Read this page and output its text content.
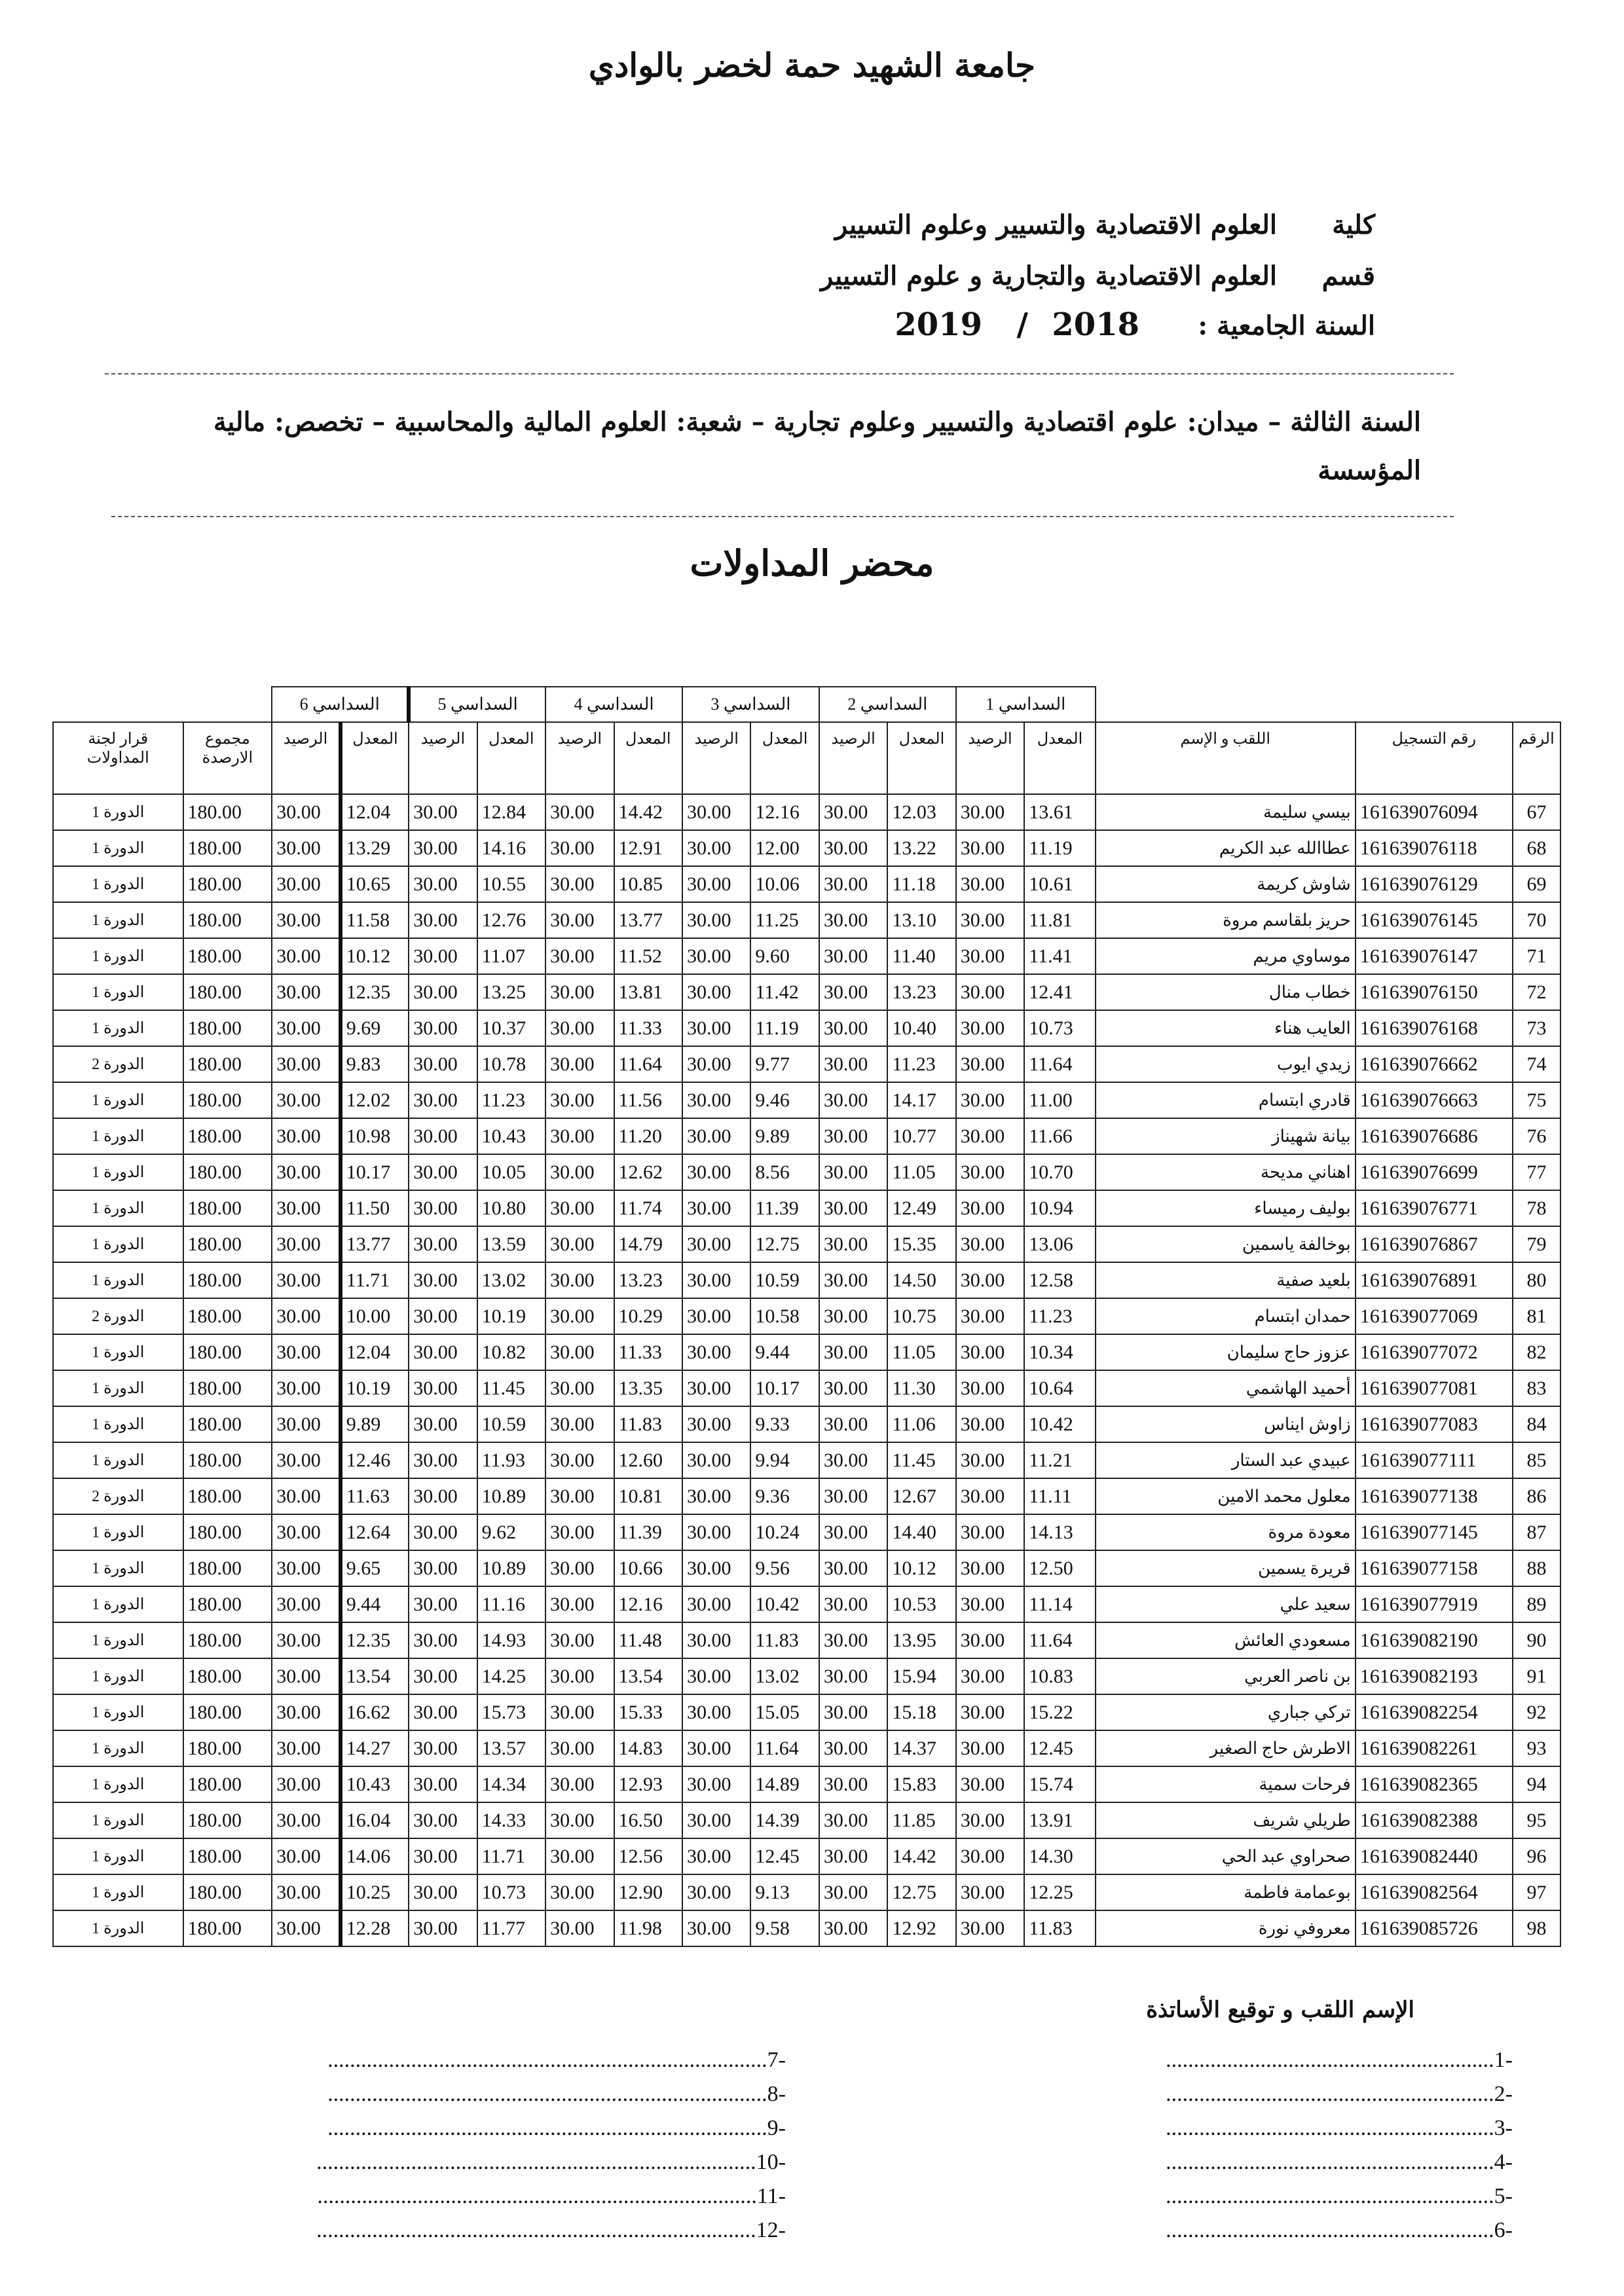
جامعة الشهيد حمة لخضر بالوادي
كليةالعلوم الاقتصادية والتسيير وعلوم التسيير
قسمالعلوم الاقتصادية والتجارية و علوم التسيير
السنة الجامعية :
2018
/
2019
السنة الثالثة – ميدان: علوم اقتصادية والتسيير وعلوم تجارية – شعبة: العلوم المالية والمحاسبية – تخصص: مالية المؤسسة
محضر المداولات
			السداسي 1		السداسي 2		السداسي 3		السداسي 4		السداسي 5		السداسي 6			
الرقم	رقم التسجيل	اللقب و الإسم	المعدل	الرصيد	المعدل	الرصيد	المعدل	الرصيد	المعدل	الرصيد	المعدل	الرصيد	المعدل	الرصيد	مجموع الارصدة	قرار لجنة المداولات
67	161639076094	بيسي سليمة	13.61	30.00	12.03	30.00	12.16	30.00	14.42	30.00	12.84	30.00	12.04	30.00	180.00	الدورة 1
68	161639076118	عطاالله عبد الكريم	11.19	30.00	13.22	30.00	12.00	30.00	12.91	30.00	14.16	30.00	13.29	30.00	180.00	الدورة 1
69	161639076129	شاوش كريمة	10.61	30.00	11.18	30.00	10.06	30.00	10.85	30.00	10.55	30.00	10.65	30.00	180.00	الدورة 1
70	161639076145	حريز بلقاسم مروة	11.81	30.00	13.10	30.00	11.25	30.00	13.77	30.00	12.76	30.00	11.58	30.00	180.00	الدورة 1
71	161639076147	موساوي مريم	11.41	30.00	11.40	30.00	9.60	30.00	11.52	30.00	11.07	30.00	10.12	30.00	180.00	الدورة 1
72	161639076150	خطاب منال	12.41	30.00	13.23	30.00	11.42	30.00	13.81	30.00	13.25	30.00	12.35	30.00	180.00	الدورة 1
73	161639076168	العايب هناء	10.73	30.00	10.40	30.00	11.19	30.00	11.33	30.00	10.37	30.00	9.69	30.00	180.00	الدورة 1
74	161639076662	زيدي ايوب	11.64	30.00	11.23	30.00	9.77	30.00	11.64	30.00	10.78	30.00	9.83	30.00	180.00	الدورة 2
75	161639076663	قادري ابتسام	11.00	30.00	14.17	30.00	9.46	30.00	11.56	30.00	11.23	30.00	12.02	30.00	180.00	الدورة 1
76	161639076686	بيانة شهيناز	11.66	30.00	10.77	30.00	9.89	30.00	11.20	30.00	10.43	30.00	10.98	30.00	180.00	الدورة 1
77	161639076699	اهناني مديحة	10.70	30.00	11.05	30.00	8.56	30.00	12.62	30.00	10.05	30.00	10.17	30.00	180.00	الدورة 1
78	161639076771	بوليف رميساء	10.94	30.00	12.49	30.00	11.39	30.00	11.74	30.00	10.80	30.00	11.50	30.00	180.00	الدورة 1
79	161639076867	بوخالفة ياسمين	13.06	30.00	15.35	30.00	12.75	30.00	14.79	30.00	13.59	30.00	13.77	30.00	180.00	الدورة 1
80	161639076891	بلعيد صفية	12.58	30.00	14.50	30.00	10.59	30.00	13.23	30.00	13.02	30.00	11.71	30.00	180.00	الدورة 1
81	161639077069	حمدان ابتسام	11.23	30.00	10.75	30.00	10.58	30.00	10.29	30.00	10.19	30.00	10.00	30.00	180.00	الدورة 2
82	161639077072	عزوز حاج سليمان	10.34	30.00	11.05	30.00	9.44	30.00	11.33	30.00	10.82	30.00	12.04	30.00	180.00	الدورة 1
83	161639077081	أحميد الهاشمي	10.64	30.00	11.30	30.00	10.17	30.00	13.35	30.00	11.45	30.00	10.19	30.00	180.00	الدورة 1
84	161639077083	زاوش ايناس	10.42	30.00	11.06	30.00	9.33	30.00	11.83	30.00	10.59	30.00	9.89	30.00	180.00	الدورة 1
85	161639077111	عبيدي عبد الستار	11.21	30.00	11.45	30.00	9.94	30.00	12.60	30.00	11.93	30.00	12.46	30.00	180.00	الدورة 1
86	161639077138	معلول محمد الامين	11.11	30.00	12.67	30.00	9.36	30.00	10.81	30.00	10.89	30.00	11.63	30.00	180.00	الدورة 2
87	161639077145	معودة مروة	14.13	30.00	14.40	30.00	10.24	30.00	11.39	30.00	9.62	30.00	12.64	30.00	180.00	الدورة 1
88	161639077158	قريرة يسمين	12.50	30.00	10.12	30.00	9.56	30.00	10.66	30.00	10.89	30.00	9.65	30.00	180.00	الدورة 1
89	161639077919	سعيد علي	11.14	30.00	10.53	30.00	10.42	30.00	12.16	30.00	11.16	30.00	9.44	30.00	180.00	الدورة 1
90	161639082190	مسعودي العائش	11.64	30.00	13.95	30.00	11.83	30.00	11.48	30.00	14.93	30.00	12.35	30.00	180.00	الدورة 1
91	161639082193	بن ناصر العربي	10.83	30.00	15.94	30.00	13.02	30.00	13.54	30.00	14.25	30.00	13.54	30.00	180.00	الدورة 1
92	161639082254	تركي جباري	15.22	30.00	15.18	30.00	15.05	30.00	15.33	30.00	15.73	30.00	16.62	30.00	180.00	الدورة 1
93	161639082261	الاطرش حاج الصغير	12.45	30.00	14.37	30.00	11.64	30.00	14.83	30.00	13.57	30.00	14.27	30.00	180.00	الدورة 1
94	161639082365	فرحات سمية	15.74	30.00	15.83	30.00	14.89	30.00	12.93	30.00	14.34	30.00	10.43	30.00	180.00	الدورة 1
95	161639082388	طريلي شريف	13.91	30.00	11.85	30.00	14.39	30.00	16.50	30.00	14.33	30.00	16.04	30.00	180.00	الدورة 1
96	161639082440	صحراوي عبد الحي	14.30	30.00	14.42	30.00	12.45	30.00	12.56	30.00	11.71	30.00	14.06	30.00	180.00	الدورة 1
97	161639082564	بوعمامة فاطمة	12.25	30.00	12.75	30.00	9.13	30.00	12.90	30.00	10.73	30.00	10.25	30.00	180.00	الدورة 1
98	161639085726	معروفي نورة	11.83	30.00	12.92	30.00	9.58	30.00	11.98	30.00	11.77	30.00	12.28	30.00	180.00	الدورة 1
الإسم اللقب و توقيع الأساتذة
-1...........................................................
-2...........................................................
-3...........................................................
-4...........................................................
-5...........................................................
-6...........................................................
-7...............................................................................
-8...............................................................................
-9...............................................................................
-10...............................................................................
-11...............................................................................
-12...............................................................................
